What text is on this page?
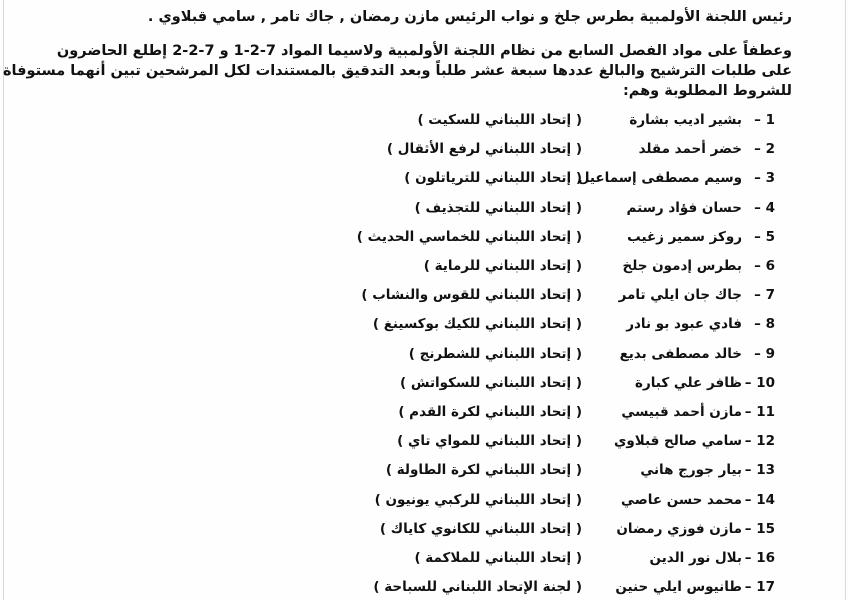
رئيس اللجنة الأولمبية بطرس جلخ و نواب الرئيس مازن رمضان , جاك تامر , سامي قبلاوي .
وعطفاً على مواد الفصل السابع من نظام اللجنة الأولمبية ولاسيما المواد 7-2-1 و 7-2-2 إطلع الحاضرون
على طلبات الترشيح والبالغ عددها سبعة عشر طلباً وبعد التدقيق بالمستندات لكل المرشحين تبين أنهما مستوفاة
للشروط المطلوبة وهم:
1 –
بشير اديب بشارة
( إتحاد اللبناني للسكيت )
2 –
خضر أحمد مقلد
( إتحاد اللبناني لرفع الأثقال )
3 –
وسيم مصطفى إسماعيل
( إتحاد اللبناني للترياتلون )
4 –
حسان فؤاد رستم
( إتحاد اللبناني للتجذيف )
5 –
روكز سمير زغيب
( إتحاد اللبناني للخماسي الحديث )
6 –
بطرس إدمون جلخ
( إتحاد اللبناني للرماية )
7 –
جاك جان ايلي تامر
( إتحاد اللبناني للقوس والنشاب )
8 –
فادي عبود بو نادر
( إتحاد اللبناني للكيك بوكسينغ )
9 –
خالد مصطفى بديع
( إتحاد اللبناني للشطرنج )
10 –
ظافر علي كبارة
( إتحاد اللبناني للسكواتش )
11 –
مازن أحمد قبيسي
( إتحاد اللبناني لكرة القدم )
12 –
سامي صالح قبلاوي
( إتحاد اللبناني للمواي تاي )
13 –
بيار جورج هاني
( إتحاد اللبناني لكرة الطاولة )
14 –
محمد حسن عاصي
( إتحاد اللبناني للركبي يونيون )
15 –
مازن فوزي رمضان
( إتحاد اللبناني للكانوي كاياك )
16 –
بلال نور الدين
( إتحاد اللبناني للملاكمة )
17 –
طانيوس ايلي حنين
( لجنة الإتحاد اللبناني للسباحة )
